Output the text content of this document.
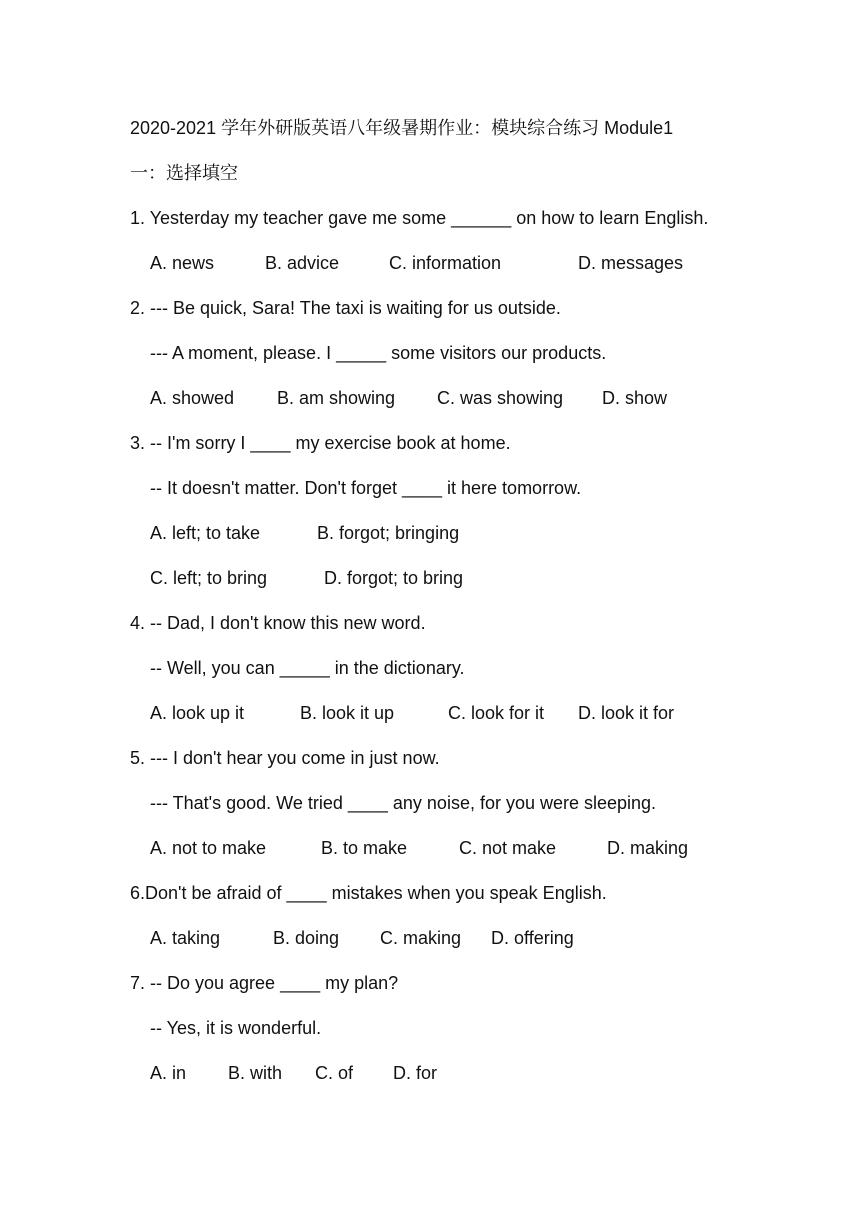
2020-2021 学年外研版英语八年级暑期作业：模块综合练习 Module1
一：选择填空
1. Yesterday my teacher gave me some ______ on how to learn English.
A. news	B. advice	C. information	D. messages
2. --- Be quick, Sara! The taxi is waiting for us outside.
--- A moment, please. I _____ some visitors our products.
A. showed B. am showing C. was showing D. show
3. -- I'm sorry I ____ my exercise book at home.
-- It doesn't matter. Don't forget ____ it here tomorrow.
A. left; to take	B. forgot; bringing
C. left; to bring	D. forgot; to bring
4. -- Dad, I don't know this new word.
-- Well, you can _____ in the dictionary.
A. look up it	B. look it up	C. look for it D. look it for
5. --- I don't hear you come in just now.
--- That's good. We tried ____ any noise, for you were sleeping.
A. not to make	B. to make	C. not make	D. making
6.Don't be afraid of ____ mistakes when you speak English.
A. taking	B. doing C. making D. offering
7. -- Do you agree ____ my plan?
-- Yes, it is wonderful.
A. in B. with C. of D. for
